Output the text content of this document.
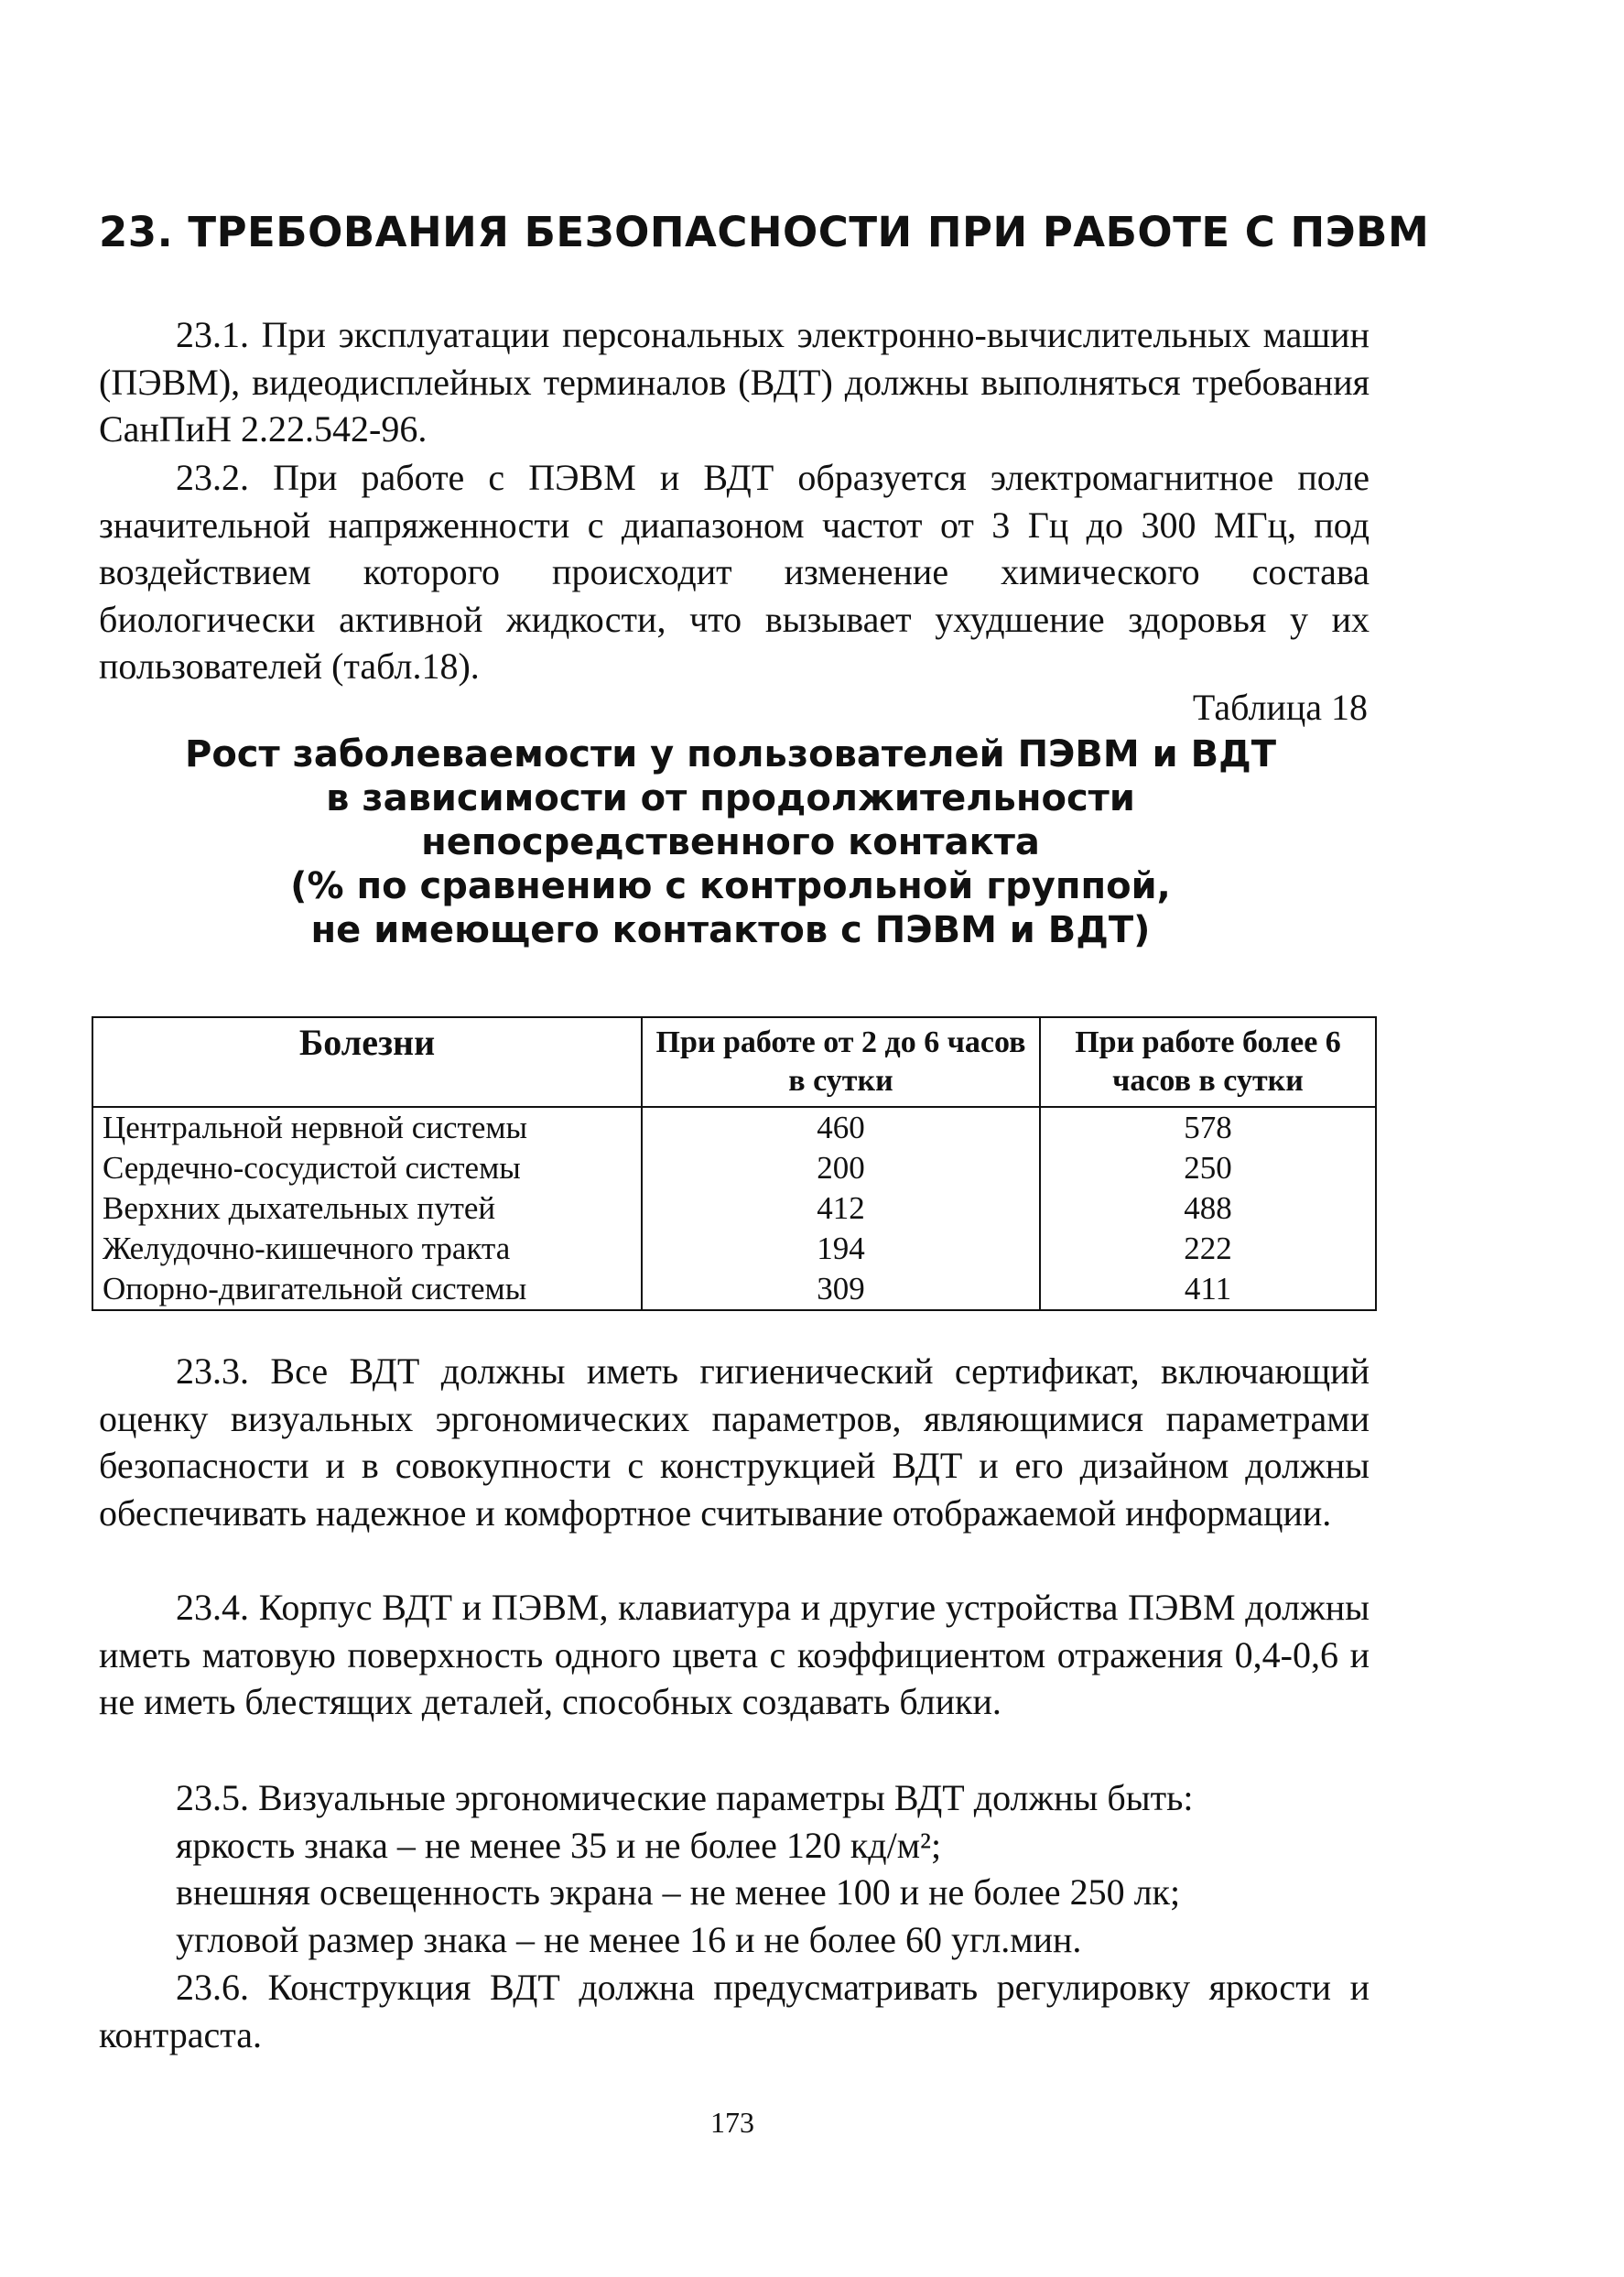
23. ТРЕБОВАНИЯ БЕЗОПАСНОСТИ ПРИ РАБОТЕ С ПЭВМ

23.1. При эксплуатации персональных электронно-вычислительных машин (ПЭВМ), видеодисплейных терминалов (ВДТ) должны выполняться требования СанПиН 2.22.542-96.

23.2. При работе с ПЭВМ и ВДТ образуется электромагнитное поле значительной напряженности с диапазоном частот от 3 Гц до 300 МГц, под воздействием которого происходит изменение химического состава биологически активной жидкости, что вызывает ухудшение здоровья у их пользователей (табл.18).

Таблица 18

Рост заболеваемости у пользователей ПЭВМ и ВДТ
в зависимости от продолжительности
непосредственного контакта
(% по сравнению с контрольной группой,
не имеющего контактов с ПЭВМ и ВДТ)
Болезни	При работе от 2 до 6 часов в сутки	При работе более 6 часов в сутки
Центральной нервной системы	460	578
Сердечно-сосудистой системы	200	250
Верхних дыхательных путей	412	488
Желудочно-кишечного тракта	194	222
Опорно-двигательной системы	309	411

23.3. Все ВДТ должны иметь гигиенический сертификат, включающий оценку визуальных эргономических параметров, являющимися параметрами безопасности и в совокупности с конструкцией ВДТ и его дизайном должны обеспечивать надежное и комфортное считывание отображаемой информации.

23.4. Корпус ВДТ и ПЭВМ, клавиатура и другие устройства ПЭВМ должны иметь матовую поверхность одного цвета с коэффициентом отражения 0,4-0,6 и не иметь блестящих деталей, способных создавать блики.

23.5. Визуальные эргономические параметры ВДТ должны быть:

яркость знака – не менее 35 и не более 120 кд/м²;

внешняя освещенность экрана – не менее 100 и не более 250 лк;

угловой размер знака – не менее 16 и не более 60 угл.мин.

23.6. Конструкция ВДТ должна предусматривать регулировку яркости и контраста.

173
